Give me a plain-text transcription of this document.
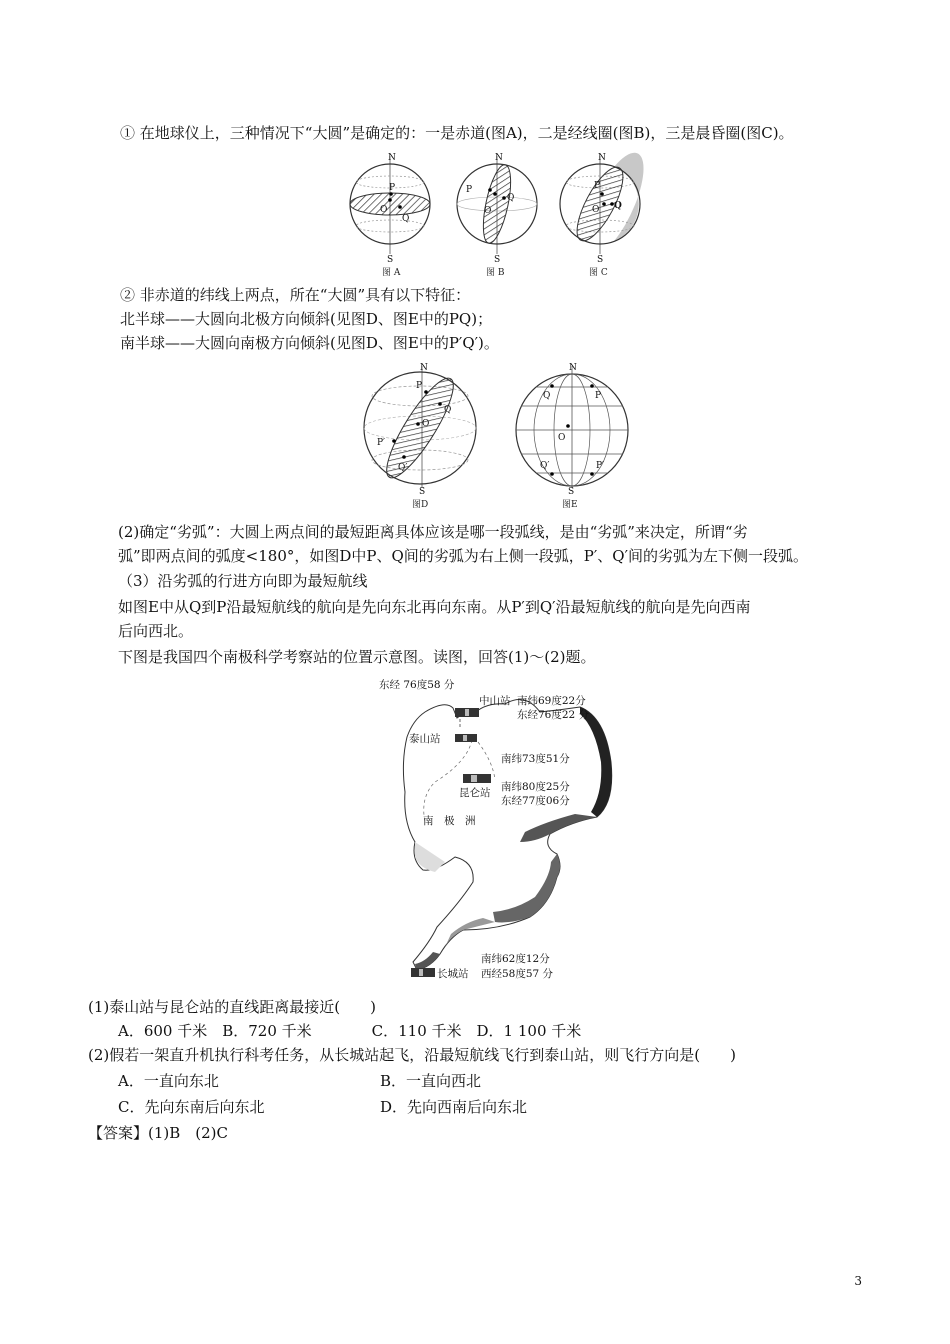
① 在地球仪上，三种情况下“大圆”是确定的：一是赤道(图A)，二是经线圈(图B)，三是晨昏圈(图C)。
N
P
O
Q
S
图 A
N
P
O
Q
S
图 B
N
P
O Q
S
图 C
② 非赤道的纬线上两点，所在“大圆”具有以下特征：
北半球——大圆向北极方向倾斜(见图D、图E中的PQ)；
南半球——大圆向南极方向倾斜(见图D、图E中的P′Q′)。
N
P
Q
O
P′
Q′
S
图D
N
Q	P
O
Q′	P′
S
图E
(2)确定“劣弧”：大圆上两点间的最短距离具体应该是哪一段弧线，是由“劣弧”来决定，所谓“劣
弧”即两点间的弧度<180°，如图D中P、Q间的劣弧为右上侧一段弧，P′、Q′间的劣弧为左下侧一段弧。
（3）沿劣弧的行进方向即为最短航线
如图E中从Q到P沿最短航线的航向是先向东北再向东南。从P′到Q′沿最短航线的航向是先向西南
后向西北。
下图是我国四个南极科学考察站的位置示意图。读图，回答(1)～(2)题。
东经 76度58 分
中山站 南纬69度22分
东经76度22 分
泰山站
南纬73度51分
昆仑站 南纬80度25分
东经77度06分
南　极　洲
南纬62度12分
长城站 西经58度57 分
(1)泰山站与昆仑站的直线距离最接近(　　)
A．600 千米　B．720 千米　　　　C．110 千米　D．1 100 千米
(2)假若一架直升机执行科考任务，从长城站起飞，沿最短航线飞行到泰山站，则飞行方向是(　　)
A．一直向东北	B．一直向西北
C．先向东南后向东北	D．先向西南后向东北
【答案】(1)B　(2)C
3
